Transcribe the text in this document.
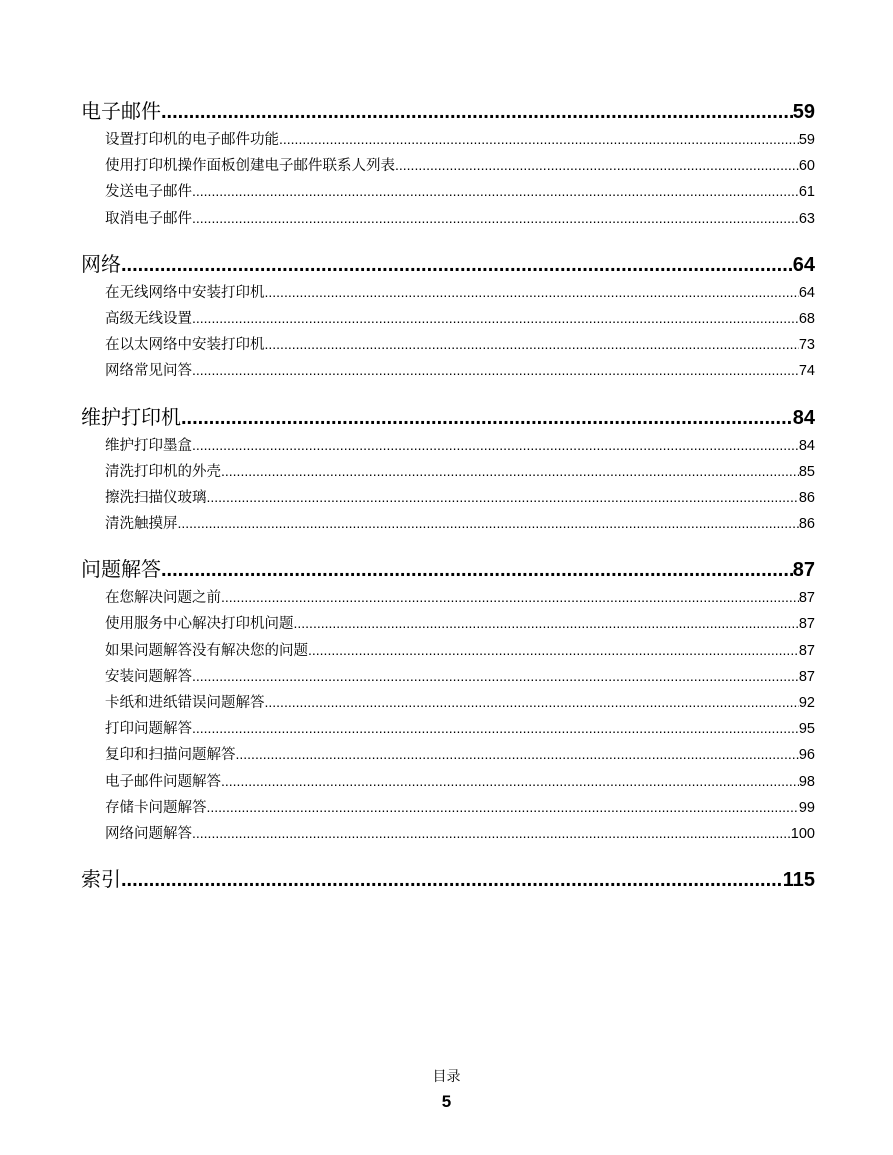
电子邮件 .....	59
设置打印机的电子邮件功能 .....	59
使用打印机操作面板创建电子邮件联系人列表 .....	60
发送电子邮件 .....	61
取消电子邮件 .....	63
网络 .....	64
在无线网络中安装打印机 .....	64
高级无线设置 .....	68
在以太网络中安装打印机 .....	73
网络常见问答 .....	74
维护打印机 .....	84
维护打印墨盒 .....	84
清洗打印机的外壳 .....	85
擦洗扫描仪玻璃 .....	86
清洗触摸屏 .....	86
问题解答 .....	87
在您解决问题之前 .....	87
使用服务中心解决打印机问题 .....	87
如果问题解答没有解决您的问题 .....	87
安装问题解答 .....	87
卡纸和进纸错误问题解答 .....	92
打印问题解答 .....	95
复印和扫描问题解答 .....	96
电子邮件问题解答 .....	98
存储卡问题解答 .....	99
网络问题解答 .....	100
索引 .....	115
目录
5
